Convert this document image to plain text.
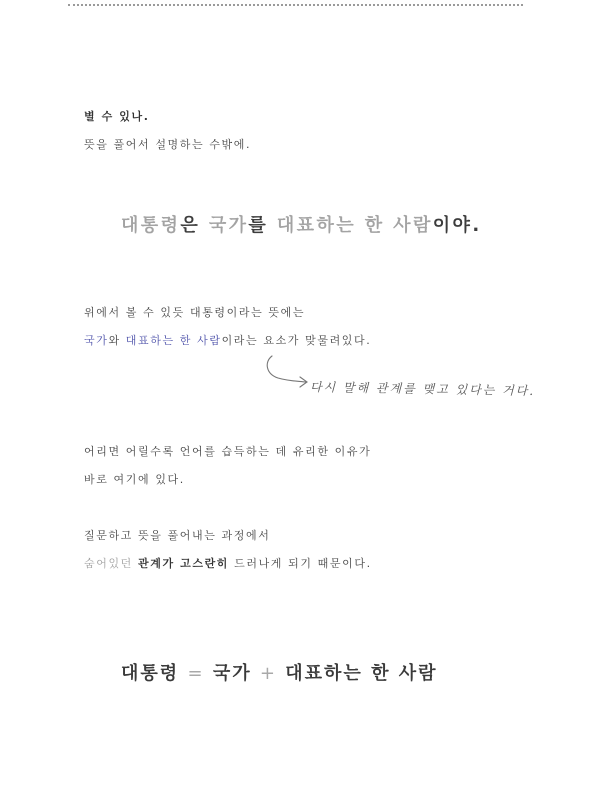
별 수 있나.
뜻을 풀어서 설명하는 수밖에.
대통령은 국가를 대표하는 한 사람이야.
위에서 볼 수 있듯 대통령이라는 뜻에는
국가와 대표하는 한 사람이라는 요소가 맞물려있다.
다시 말해 관계를 맺고 있다는 거다.
어리면 어릴수록 언어를 습득하는 데 유리한 이유가
바로 여기에 있다.
질문하고 뜻을 풀어내는 과정에서
숨어있던 관계가 고스란히 드러나게 되기 때문이다.
대통령 = 국가 + 대표하는 한 사람
